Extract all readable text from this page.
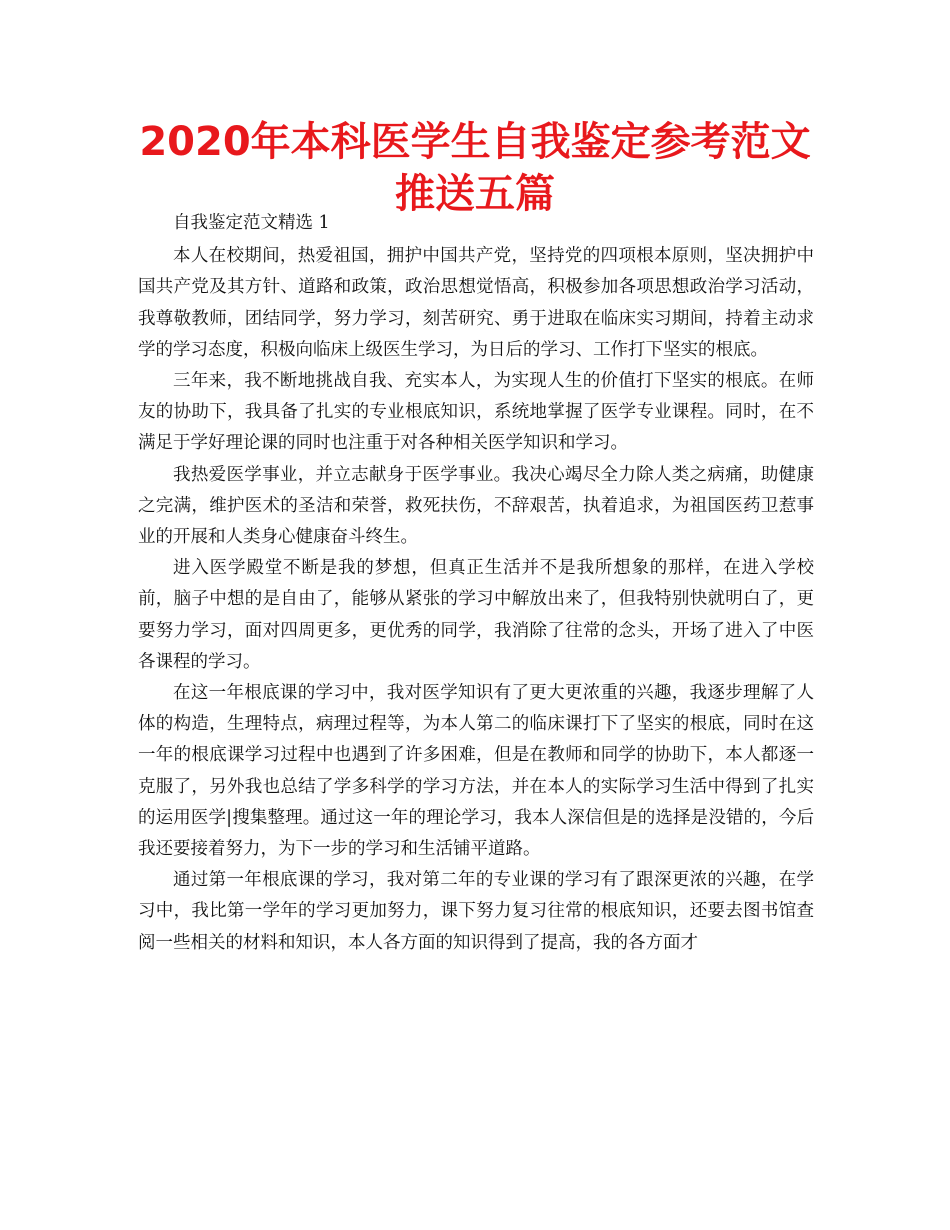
2020年本科医学生自我鉴定参考范文推送五篇

自我鉴定范文精选 1

本人在校期间，热爱祖国，拥护中国共产党，坚持党的四项根本原则，坚决拥护中国共产党及其方针、道路和政策，政治思想觉悟高，积极参加各项思想政治学习活动，我尊敬教师，团结同学，努力学习，刻苦研究、勇于进取在临床实习期间，持着主动求学的学习态度，积极向临床上级医生学习，为日后的学习、工作打下坚实的根底。

三年来，我不断地挑战自我、充实本人，为实现人生的价值打下坚实的根底。在师友的协助下，我具备了扎实的专业根底知识，系统地掌握了医学专业课程。同时，在不满足于学好理论课的同时也注重于对各种相关医学知识和学习。

我热爱医学事业，并立志献身于医学事业。我决心竭尽全力除人类之病痛，助健康之完满，维护医术的圣洁和荣誉，救死扶伤，不辞艰苦，执着追求，为祖国医药卫惹事业的开展和人类身心健康奋斗终生。

进入医学殿堂不断是我的梦想，但真正生活并不是我所想象的那样，在进入学校前，脑子中想的是自由了，能够从紧张的学习中解放出来了，但我特别快就明白了，更要努力学习，面对四周更多，更优秀的同学，我消除了往常的念头，开场了进入了中医各课程的学习。

在这一年根底课的学习中，我对医学知识有了更大更浓重的兴趣，我逐步理解了人体的构造，生理特点，病理过程等，为本人第二的临床课打下了坚实的根底，同时在这一年的根底课学习过程中也遇到了许多困难，但是在教师和同学的协助下，本人都逐一克服了，另外我也总结了学多科学的学习方法，并在本人的实际学习生活中得到了扎实的运用医学|搜集整理。通过这一年的理论学习，我本人深信但是的选择是没错的，今后我还要接着努力，为下一步的学习和生活铺平道路。

通过第一年根底课的学习，我对第二年的专业课的学习有了跟深更浓的兴趣，在学习中，我比第一学年的学习更加努力，课下努力复习往常的根底知识，还要去图书馆查阅一些相关的材料和知识，本人各方面的知识得到了提高，我的各方面才
